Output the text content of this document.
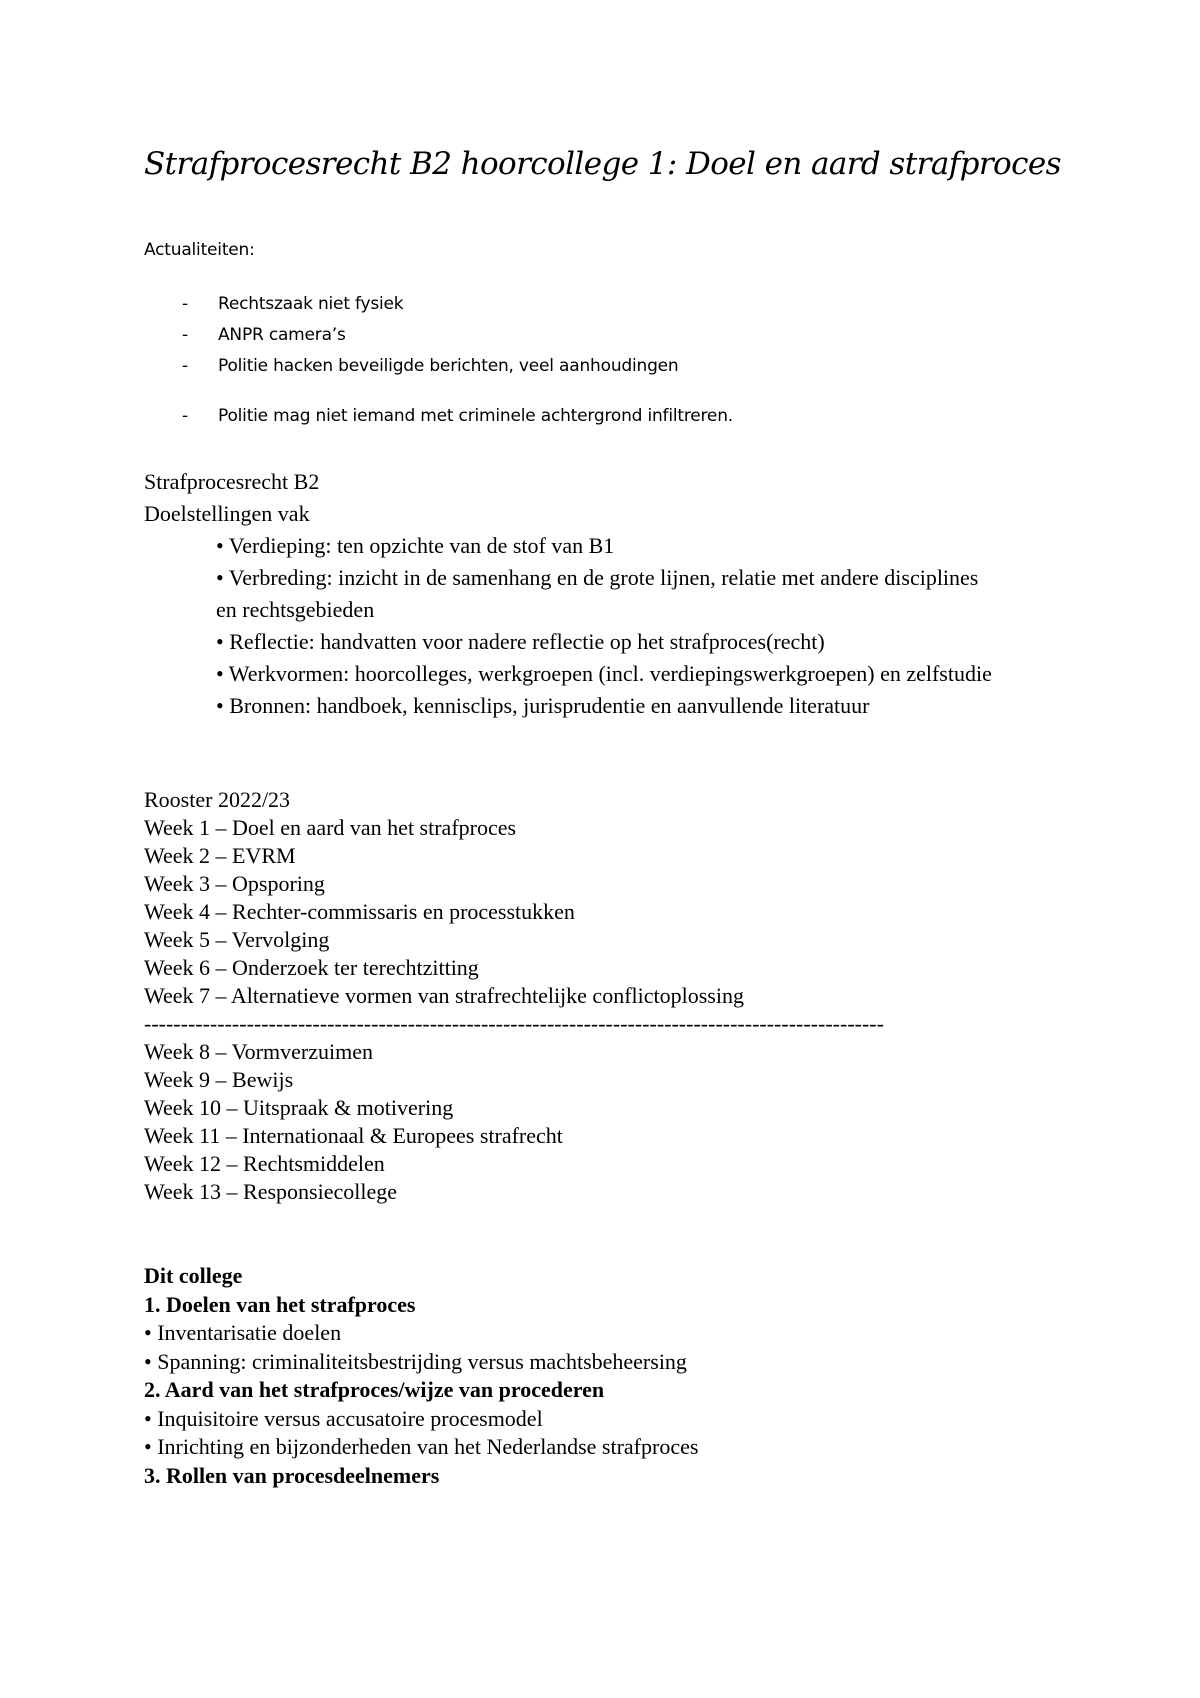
Strafprocesrecht B2 hoorcollege 1: Doel en aard strafproces
Actualiteiten:
- Rechtszaak niet fysiek
- ANPR camera’s
- Politie hacken beveiligde berichten, veel aanhoudingen
- Politie mag niet iemand met criminele achtergrond infiltreren.
Strafprocesrecht B2
Doelstellingen vak
• Verdieping: ten opzichte van de stof van B1
• Verbreding: inzicht in de samenhang en de grote lijnen, relatie met andere disciplines en rechtsgebieden
• Reflectie: handvatten voor nadere reflectie op het strafproces(recht)
• Werkvormen: hoorcolleges, werkgroepen (incl. verdiepingswerkgroepen) en zelfstudie
• Bronnen: handboek, kennisclips, jurisprudentie en aanvullende literatuur
Rooster 2022/23
Week 1 – Doel en aard van het strafproces
Week 2 – EVRM
Week 3 – Opsporing
Week 4 – Rechter-commissaris en processtukken
Week 5 – Vervolging
Week 6 – Onderzoek ter terechtzitting
Week 7 – Alternatieve vormen van strafrechtelijke conflictoplossing
-----------------------------------------------------------------------------------------------------
Week 8 – Vormverzuimen
Week 9 – Bewijs
Week 10 – Uitspraak & motivering
Week 11 – Internationaal & Europees strafrecht
Week 12 – Rechtsmiddelen
Week 13 – Responsiecollege
Dit college
1. Doelen van het strafproces
• Inventarisatie doelen
• Spanning: criminaliteitsbestrijding versus machtsbeheersing
2. Aard van het strafproces/wijze van procederen
• Inquisitoire versus accusatoire procesmodel
• Inrichting en bijzonderheden van het Nederlandse strafproces
3. Rollen van procesdeelnemers
